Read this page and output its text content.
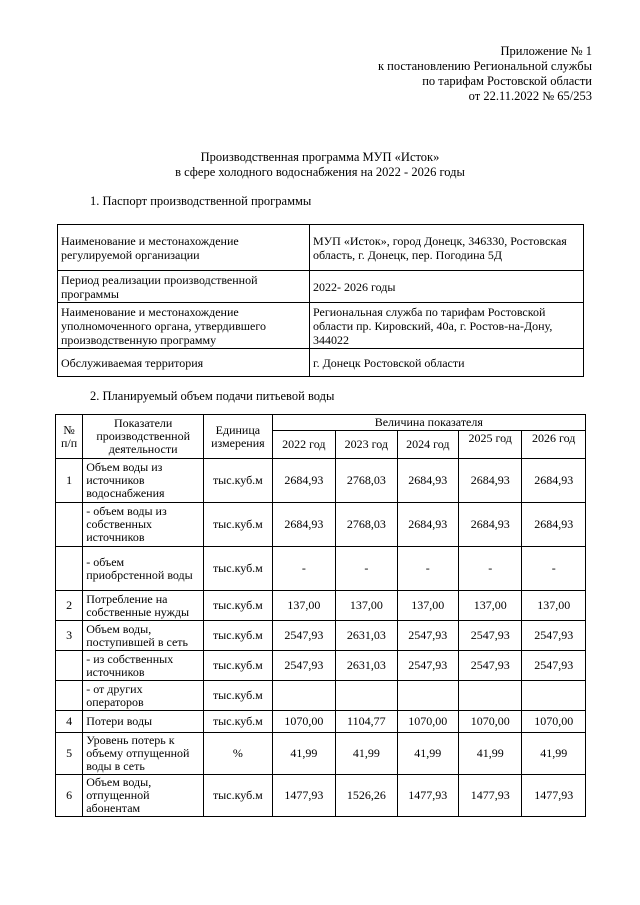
Приложение № 1
к постановлению Региональной службы
по тарифам Ростовской области
от 22.11.2022 № 65/253
Производственная программа МУП «Исток»
в сфере холодного водоснабжения на 2022 - 2026 годы
1. Паспорт производственной программы
Наименование и местонахождение регулируемой организации	МУП «Исток», город Донецк, 346330, Ростовская область, г. Донецк, пер. Погодина 5Д
Период реализации производственной программы	2022- 2026 годы
Наименование и местонахождение уполномоченного органа, утвердившего производственную программу	Региональная служба по тарифам Ростовской области пр. Кировский, 40а, г. Ростов-на-Дону, 344022
Обслуживаемая территория	г. Донецк Ростовской области
2. Планируемый объем подачи питьевой воды
№ п/п	Показатели производственной деятельности	Единица измерения	Величина показателя				
			2022 год	2023 год	2024 год	2025 год	2026 год
1	Объем воды из источников водоснабжения	тыс.куб.м	2684,93	2768,03	2684,93	2684,93	2684,93
	- объем воды из собственных источников	тыс.куб.м	2684,93	2768,03	2684,93	2684,93	2684,93
	- объем приобрстенной воды	тыс.куб.м	-	-	-	-	-
2	Потребление на собственные нужды	тыс.куб.м	137,00	137,00	137,00	137,00	137,00
3	Объем воды, поступившей в сеть	тыс.куб.м	2547,93	2631,03	2547,93	2547,93	2547,93
	- из собственных источников	тыс.куб.м	2547,93	2631,03	2547,93	2547,93	2547,93
	- от других операторов	тыс.куб.м					
4	Потери воды	тыс.куб.м	1070,00	1104,77	1070,00	1070,00	1070,00
5	Уровень потерь к объему отпущенной воды в сеть	%	41,99	41,99	41,99	41,99	41,99
6	Объем воды, отпущенной абонентам	тыс.куб.м	1477,93	1526,26	1477,93	1477,93	1477,93
